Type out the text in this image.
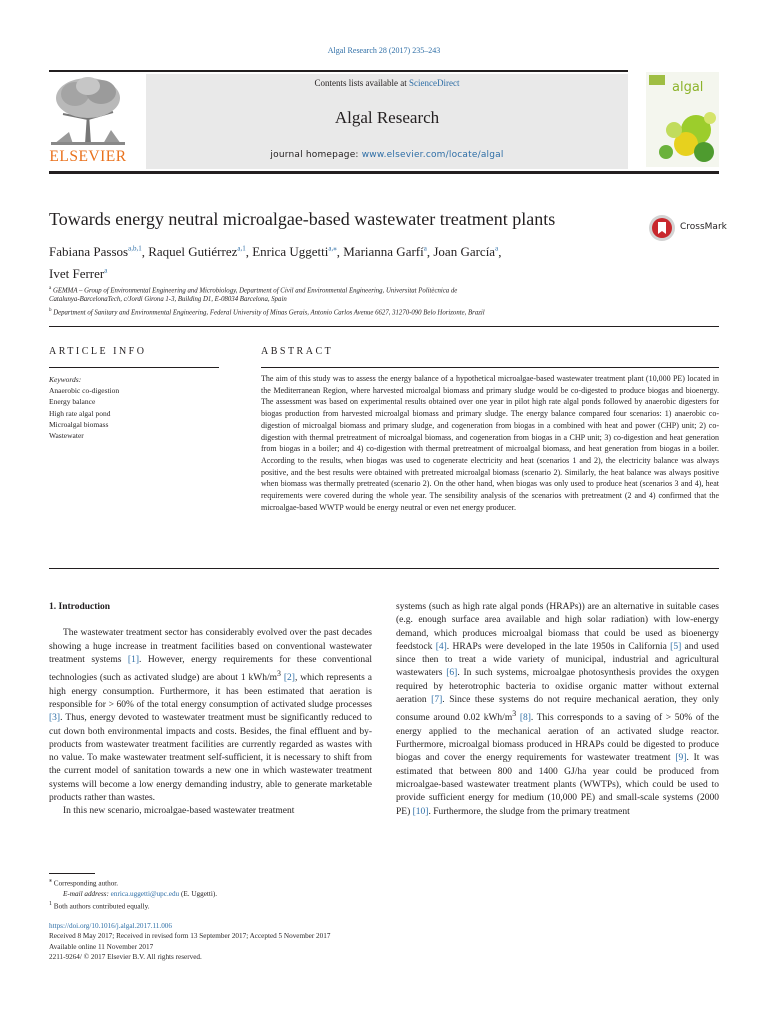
Algal Research 28 (2017) 235–243
ELSEVIER
Contents lists available at ScienceDirect
Algal Research
journal homepage: www.elsevier.com/locate/algal
algal
Towards energy neutral microalgae-based wastewater treatment plants	CrossMark
Fabiana Passos$^{a,b,1}$, Raquel Gutiérrez$^{a,1}$, Enrica Uggetti$^{a,⁎}$, Marianna Garfí$^a$, Joan García$^a$,
Ivet Ferrer$^a$
$^a$ GEMMA – Group of Environmental Engineering and Microbiology, Department of Civil and Environmental Engineering, Universitat Politècnica de
Catalunya-BarcelonaTech, c/Jordi Girona 1-3, Building D1, E-08034 Barcelona, Spain
$^b$ Department of Sanitary and Environmental Engineering, Federal University of Minas Gerais, Antonio Carlos Avenue 6627, 31270-090 Belo Horizonte, Brazil
ARTICLE INFO
Keywords:
Anaerobic co-digestion
Energy balance
High rate algal pond
Microalgal biomass
Wastewater
ABSTRACT
The aim of this study was to assess the energy balance of a hypothetical microalgae-based wastewater treatment plant (10,000 PE) located in the Mediterranean Region, where harvested microalgal biomass and primary sludge would be co-digested to produce biogas and bioenergy. The assessment was based on experimental results obtained over one year in pilot high rate algal ponds followed by anaerobic digesters for biogas production from harvested microalgal biomass and primary sludge. The energy balance compared four scenarios: 1) anaerobic co-digestion of microalgal biomass and primary sludge, and cogeneration from biogas in a combined with heat and power (CHP) unit; 2) co-digestion with thermal pretreatment of microalgal biomass, and cogeneration from biogas in a CHP unit; 3) co-digestion and heat generation from biogas in a boiler; and 4) co-digestion with thermal pretreatment of microalgal biomass, and heat generation from biogas in a boiler. According to the results, when biogas was used to cogenerate electricity and heat (scenarios 1 and 2), the electricity balance was always positive, and the best results were obtained with pretreated microalgal biomass (scenario 2). Similarly, the heat balance was always positive when biomass was thermally pretreated (scenario 2). On the other hand, when biogas was only used to produce heat (scenarios 3 and 4), heat requirements were covered during the whole year. The sensibility analysis of the scenarios with pretreatment (2 and 4) confirmed that the microalgae-based WWTP would be energy neutral or even net energy producer.

1. Introduction

The wastewater treatment sector has considerably evolved over the past decades showing a huge increase in treatment facilities based on conventional wastewater treatment systems [1]. However, energy requirements for these conventional technologies (such as activated sludge) are about 1 kWh/$m^3$ [2], which represents a high energy consumption. Furthermore, it has been estimated that aeration is responsible for > 60% of the total energy consumption of activated sludge processes [3]. Thus, energy devoted to wastewater treatment must be significantly reduced to cut down both environmental impacts and costs. Besides, the final effluent and by-products from wastewater treatment facilities are currently regarded as wastes with no value. To make wastewater treatment self-sufficient, it is necessary to shift from the current model of sanitation towards a new one in which wastewater treatment systems will become a low energy demanding industry, able to generate marketable products rather than wastes.

In this new scenario, microalgae-based wastewater treatment

systems (such as high rate algal ponds (HRAPs)) are an alternative in suitable cases (e.g. enough surface area available and high solar radiation) with low-energy demand, which produces microalgal biomass that could be used as bioenergy feedstock [4]. HRAPs were developed in the late 1950s in California [5] and used since then to treat a wide variety of municipal, industrial and agricultural wastewaters [6]. In such systems, microalgae photosynthesis provides the oxygen required by heterotrophic bacteria to oxidise organic matter without external aeration [7]. Since these systems do not require mechanical aeration, they only consume around 0.02 kWh/$m^3$ [8]. This corresponds to a saving of > 50% of the energy applied to the mechanical aeration of an activated sludge reactor. Furthermore, microalgal biomass produced in HRAPs could be digested to produce biogas and cover the energy requirements for wastewater treatment [9]. It was estimated that between 800 and 1400 GJ/ha year could be produced from microalgae-based wastewater treatment plants (WWTPs), which could be used to provide sufficient energy for medium (10,000 PE) and small-scale systems (2000 PE) [10]. Furthermore, the sludge from the primary treatment

⁎ Corresponding author.
E-mail address: enrica.uggetti@upc.edu (E. Uggetti).
$^1$ Both authors contributed equally.
https://doi.org/10.1016/j.algal.2017.11.006
Received 8 May 2017; Received in revised form 13 September 2017; Accepted 5 November 2017
Available online 11 November 2017
2211-9264/ © 2017 Elsevier B.V. All rights reserved.
